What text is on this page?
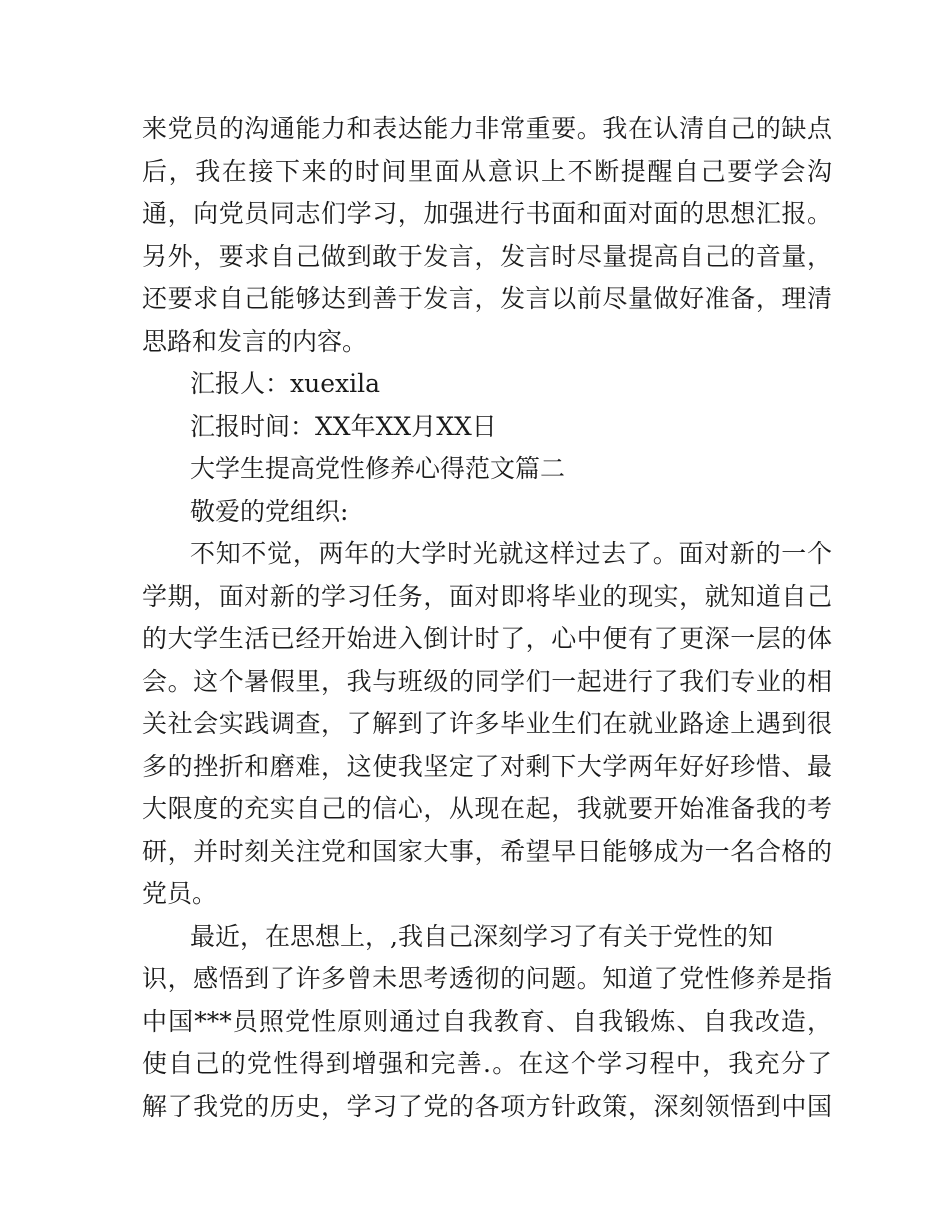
来党员的沟通能力和表达能力非常重要。我在认清自己的缺点
后，我在接下来的时间里面从意识上不断提醒自己要学会沟
通，向党员同志们学习，加强进行书面和面对面的思想汇报。
另外，要求自己做到敢于发言，发言时尽量提高自己的音量，
还要求自己能够达到善于发言，发言以前尽量做好准备，理清
思路和发言的内容。
汇报人：xuexila
汇报时间：XX年XX月XX日
大学生提高党性修养心得范文篇二
敬爱的党组织:
不知不觉，两年的大学时光就这样过去了。面对新的一个
学期，面对新的学习任务，面对即将毕业的现实，就知道自己
的大学生活已经开始进入倒计时了，心中便有了更深一层的体
会。这个暑假里，我与班级的同学们一起进行了我们专业的相
关社会实践调查，了解到了许多毕业生们在就业路途上遇到很
多的挫折和磨难，这使我坚定了对剩下大学两年好好珍惜、最
大限度的充实自己的信心，从现在起，我就要开始准备我的考
研，并时刻关注党和国家大事，希望早日能够成为一名合格的
党员。
最近，在思想上，,我自己深刻学习了有关于党性的知
识，感悟到了许多曾未思考透彻的问题。知道了党性修养是指
中国***员照党性原则通过自我教育、自我锻炼、自我改造，
使自己的党性得到增强和完善.。在这个学习程中，我充分了
解了我党的历史，学习了党的各项方针政策，深刻领悟到中国
